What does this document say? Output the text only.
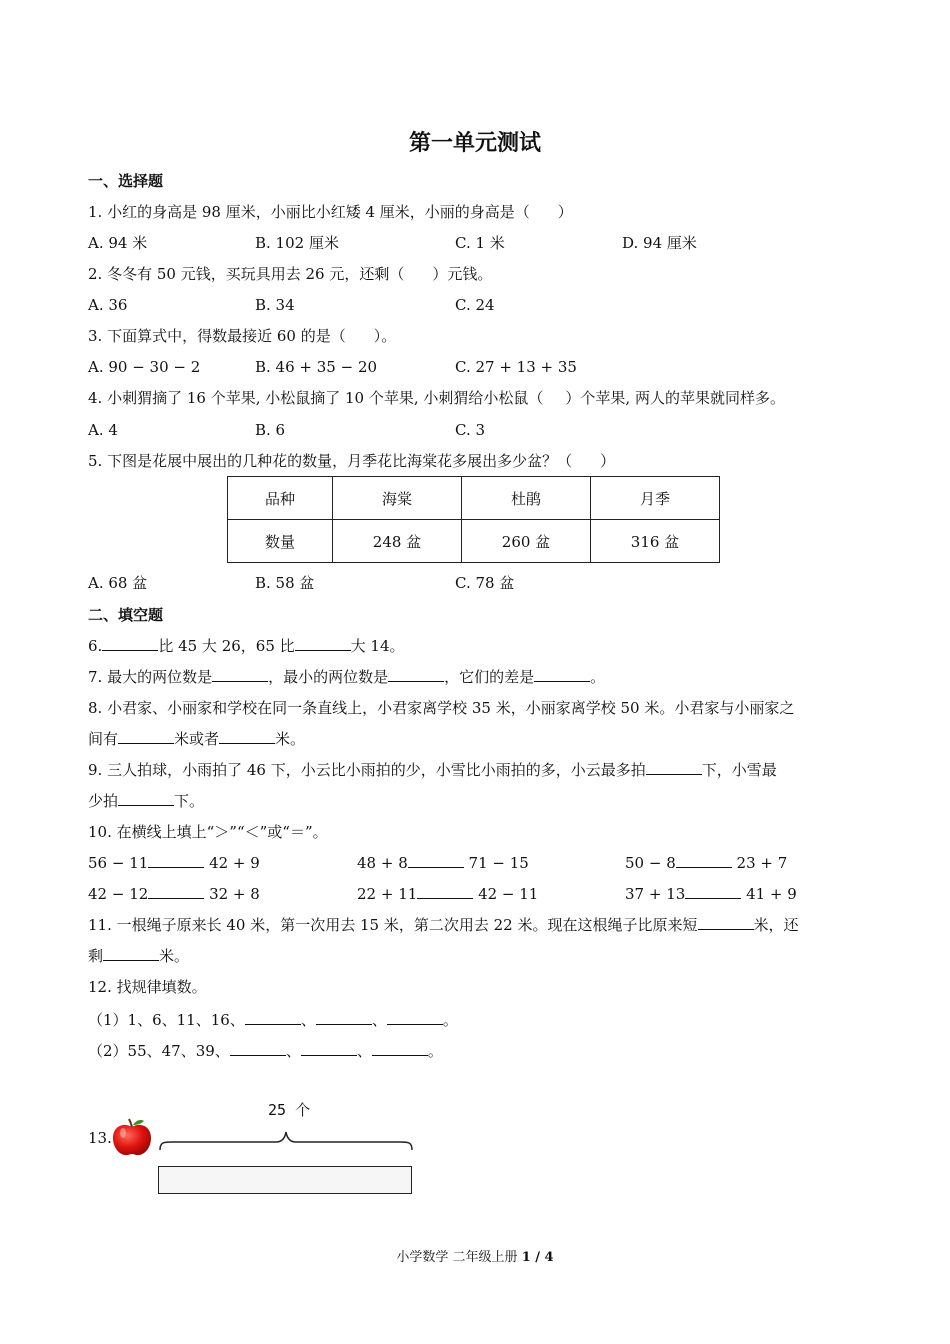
第一单元测试
一、选择题
1. 小红的身高是 98 厘米，小丽比小红矮 4 厘米，小丽的身高是（ ）
A. 94 米	B. 102 厘米	C. 1 米	D. 94 厘米
2. 冬冬有 50 元钱，买玩具用去 26 元，还剩（ ）元钱。
A. 36	B. 34	C. 24
3. 下面算式中，得数最接近 60 的是（ ）。
A. 90 − 30 − 2	B. 46 + 35 − 20	C. 27 + 13 + 35
4. 小刺猬摘了 16 个苹果, 小松鼠摘了 10 个苹果, 小刺猬给小松鼠（ ）个苹果, 两人的苹果就同样多。
A. 4	B. 6	C. 3
5. 下图是花展中展出的几种花的数量，月季花比海棠花多展出多少盆？（ ）
品种	海棠	杜鹃	月季
数量	248 盆	260 盆	316 盆
A. 68 盆	B. 58 盆	C. 78 盆
二、填空题
6.	比 45 大 26，65 比	大 14。
7. 最大的两位数是	，最小的两位数是	，它们的差是	。
8. 小君家、小丽家和学校在同一条直线上，小君家离学校 35 米，小丽家离学校 50 米。小君家与小丽家之
间有	米或者	米。
9. 三人拍球，小雨拍了 46 下，小云比小雨拍的少，小雪比小雨拍的多，小云最多拍	下，小雪最
少拍	下。
10. 在横线上填上“＞”“＜”或“＝”。
56 − 11	42 + 9	48 + 8	71 − 15	50 − 8	23 + 7
42 − 12	32 + 8	22 + 11	42 − 11	37 + 13	41 + 9
11. 一根绳子原来长 40 米，第一次用去 15 米，第二次用去 22 米。现在这根绳子比原来短	米，还
剩	米。
12. 找规律填数。
（1）1、6、11、16、	、	、	。
（2）55、47、39、	、	、	。
13.
25 个
小学数学 二年级上册 1 / 4
